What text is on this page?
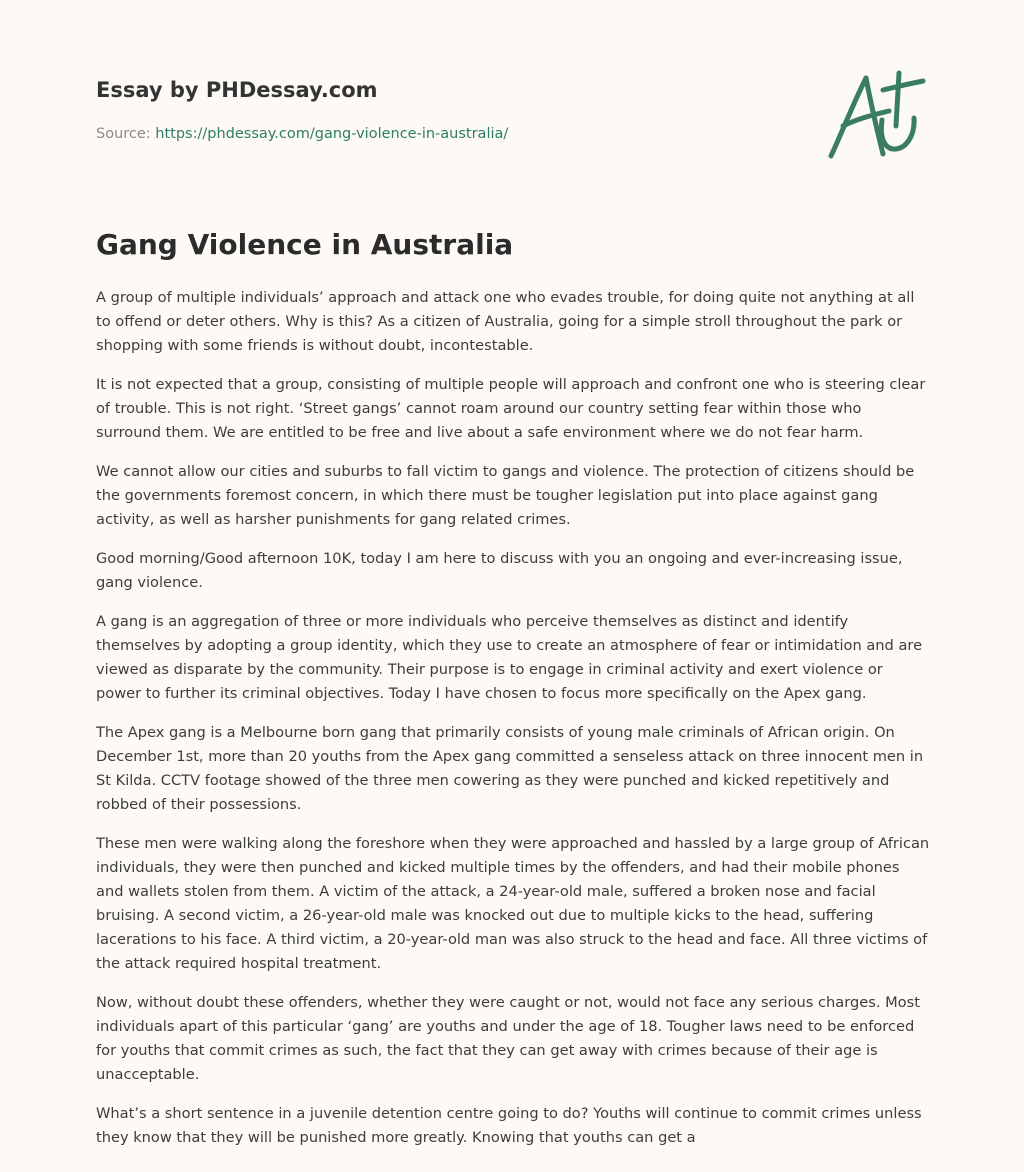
Essay by PHDessay.com
Source: https://phdessay.com/gang-violence-in-australia/
Gang Violence in Australia

A group of multiple individuals’ approach and attack one who evades trouble, for doing quite not anything at all to offend or deter others. Why is this? As a citizen of Australia, going for a simple stroll throughout the park or shopping with some friends is without doubt, incontestable.

It is not expected that a group, consisting of multiple people will approach and confront one who is steering clear of trouble. This is not right. ‘Street gangs’ cannot roam around our country setting fear within those who surround them. We are entitled to be free and live about a safe environment where we do not fear harm.

We cannot allow our cities and suburbs to fall victim to gangs and violence. The protection of citizens should be the governments foremost concern, in which there must be tougher legislation put into place against gang activity, as well as harsher punishments for gang related crimes.

Good morning/Good afternoon 10K, today I am here to discuss with you an ongoing and ever-increasing issue, gang violence.

A gang is an aggregation of three or more individuals who perceive themselves as distinct and identify themselves by adopting a group identity, which they use to create an atmosphere of fear or intimidation and are viewed as disparate by the community. Their purpose is to engage in criminal activity and exert violence or power to further its criminal objectives. Today I have chosen to focus more specifically on the Apex gang.

The Apex gang is a Melbourne born gang that primarily consists of young male criminals of African origin. On December 1st, more than 20 youths from the Apex gang committed a senseless attack on three innocent men in St Kilda. CCTV footage showed of the three men cowering as they were punched and kicked repetitively and robbed of their possessions.

These men were walking along the foreshore when they were approached and hassled by a large group of African individuals, they were then punched and kicked multiple times by the offenders, and had their mobile phones and wallets stolen from them. A victim of the attack, a 24-year-old male, suffered a broken nose and facial bruising. A second victim, a 26-year-old male was knocked out due to multiple kicks to the head, suffering lacerations to his face. A third victim, a 20-year-old man was also struck to the head and face. All three victims of the attack required hospital treatment.

Now, without doubt these offenders, whether they were caught or not, would not face any serious charges. Most individuals apart of this particular ‘gang’ are youths and under the age of 18. Tougher laws need to be enforced for youths that commit crimes as such, the fact that they can get away with crimes because of their age is unacceptable.

What’s a short sentence in a juvenile detention centre going to do? Youths will continue to commit crimes unless they know that they will be punished more greatly. Knowing that youths can get a
